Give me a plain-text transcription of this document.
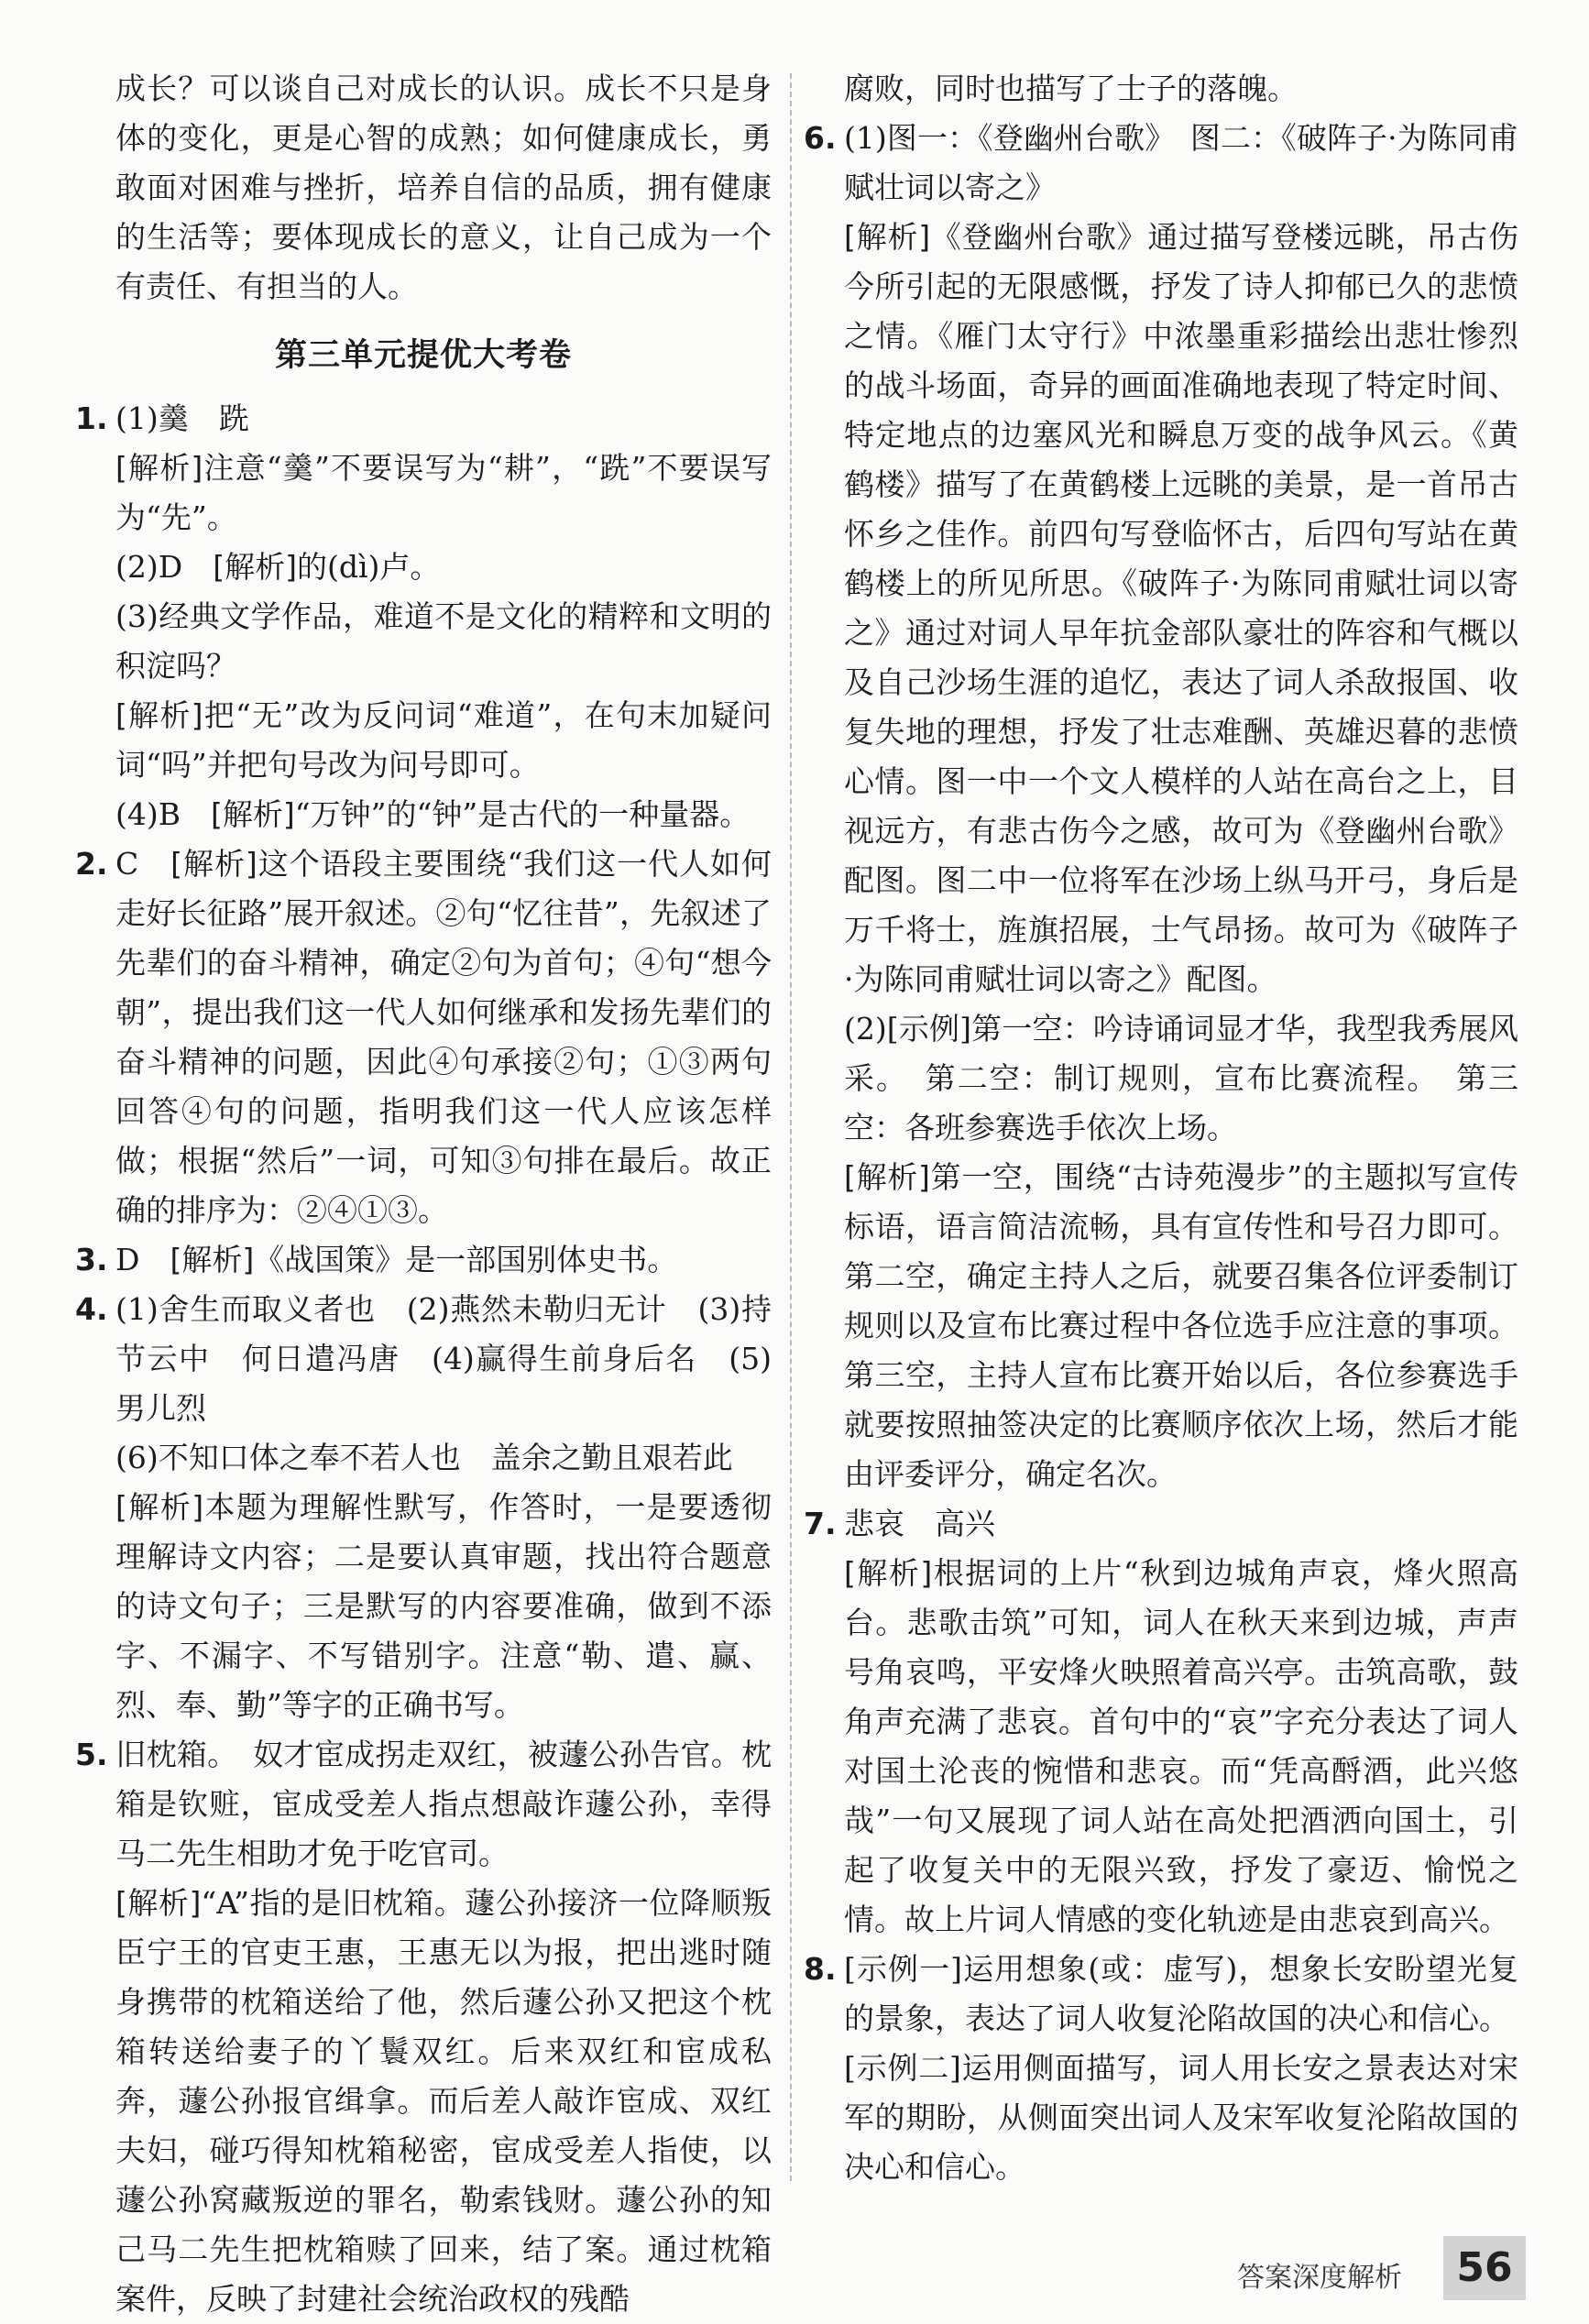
成长？可以谈自己对成长的认识。成长不只是身体的变化，更是心智的成熟；如何健康成长，勇敢面对困难与挫折，培养自信的品质，拥有健康的生活等；要体现成长的意义，让自己成为一个有责任、有担当的人。

第三单元提优大考卷

1. (1)羹　跣

[解析]注意“羹”不要误写为“耕”，“跣”不要误写为“先”。

(2)D　[解析]的(dì)卢。

(3)经典文学作品，难道不是文化的精粹和文明的积淀吗？

[解析]把“无”改为反问词“难道”，在句末加疑问词“吗”并把句号改为问号即可。

(4)B　[解析]“万钟”的“钟”是古代的一种量器。

2. C　[解析]这个语段主要围绕“我们这一代人如何走好长征路”展开叙述。②句“忆往昔”，先叙述了先辈们的奋斗精神，确定②句为首句；④句“想今朝”，提出我们这一代人如何继承和发扬先辈们的奋斗精神的问题，因此④句承接②句；①③两句回答④句的问题，指明我们这一代人应该怎样做；根据“然后”一词，可知③句排在最后。故正确的排序为：②④①③。

3. D　[解析]《战国策》是一部国别体史书。

4. (1)舍生而取义者也　(2)燕然未勒归无计　(3)持节云中　何日遣冯唐　(4)赢得生前身后名　(5)男儿烈

(6)不知口体之奉不若人也　盖余之勤且艰若此

[解析]本题为理解性默写，作答时，一是要透彻理解诗文内容；二是要认真审题，找出符合题意的诗文句子；三是默写的内容要准确，做到不添字、不漏字、不写错别字。注意“勒、遣、赢、烈、奉、勤”等字的正确书写。

5. 旧枕箱。　奴才宦成拐走双红，被蘧公孙告官。枕箱是钦赃，宦成受差人指点想敲诈蘧公孙，幸得马二先生相助才免于吃官司。

[解析]“A”指的是旧枕箱。蘧公孙接济一位降顺叛臣宁王的官吏王惠，王惠无以为报，把出逃时随身携带的枕箱送给了他，然后蘧公孙又把这个枕箱转送给妻子的丫鬟双红。后来双红和宦成私奔，蘧公孙报官缉拿。而后差人敲诈宦成、双红夫妇，碰巧得知枕箱秘密，宦成受差人指使，以蘧公孙窝藏叛逆的罪名，勒索钱财。蘧公孙的知己马二先生把枕箱赎了回来，结了案。通过枕箱案件，反映了封建社会统治政权的残酷

腐败，同时也描写了士子的落魄。

6. (1)图一：《登幽州台歌》　图二：《破阵子·为陈同甫赋壮词以寄之》

[解析]《登幽州台歌》通过描写登楼远眺，吊古伤今所引起的无限感慨，抒发了诗人抑郁已久的悲愤之情。《雁门太守行》中浓墨重彩描绘出悲壮惨烈的战斗场面，奇异的画面准确地表现了特定时间、特定地点的边塞风光和瞬息万变的战争风云。《黄鹤楼》描写了在黄鹤楼上远眺的美景，是一首吊古怀乡之佳作。前四句写登临怀古，后四句写站在黄鹤楼上的所见所思。《破阵子·为陈同甫赋壮词以寄之》通过对词人早年抗金部队豪壮的阵容和气概以及自己沙场生涯的追忆，表达了词人杀敌报国、收复失地的理想，抒发了壮志难酬、英雄迟暮的悲愤心情。图一中一个文人模样的人站在高台之上，目视远方，有悲古伤今之感，故可为《登幽州台歌》配图。图二中一位将军在沙场上纵马开弓，身后是万千将士，旌旗招展，士气昂扬。故可为《破阵子·为陈同甫赋壮词以寄之》配图。

(2)[示例]第一空：吟诗诵词显才华，我型我秀展风采。　第二空：制订规则，宣布比赛流程。　第三空：各班参赛选手依次上场。

[解析]第一空，围绕“古诗苑漫步”的主题拟写宣传标语，语言简洁流畅，具有宣传性和号召力即可。第二空，确定主持人之后，就要召集各位评委制订规则以及宣布比赛过程中各位选手应注意的事项。第三空，主持人宣布比赛开始以后，各位参赛选手就要按照抽签决定的比赛顺序依次上场，然后才能由评委评分，确定名次。

7. 悲哀　高兴

[解析]根据词的上片“秋到边城角声哀，烽火照高台。悲歌击筑”可知，词人在秋天来到边城，声声号角哀鸣，平安烽火映照着高兴亭。击筑高歌，鼓角声充满了悲哀。首句中的“哀”字充分表达了词人对国土沦丧的惋惜和悲哀。而“凭高酹酒，此兴悠哉”一句又展现了词人站在高处把酒洒向国土，引起了收复关中的无限兴致，抒发了豪迈、愉悦之情。故上片词人情感的变化轨迹是由悲哀到高兴。

8. [示例一]运用想象(或：虚写)，想象长安盼望光复的景象，表达了词人收复沦陷故国的决心和信心。

[示例二]运用侧面描写，词人用长安之景表达对宋军的期盼，从侧面突出词人及宋军收复沦陷故国的决心和信心。

答案深度解析	56
